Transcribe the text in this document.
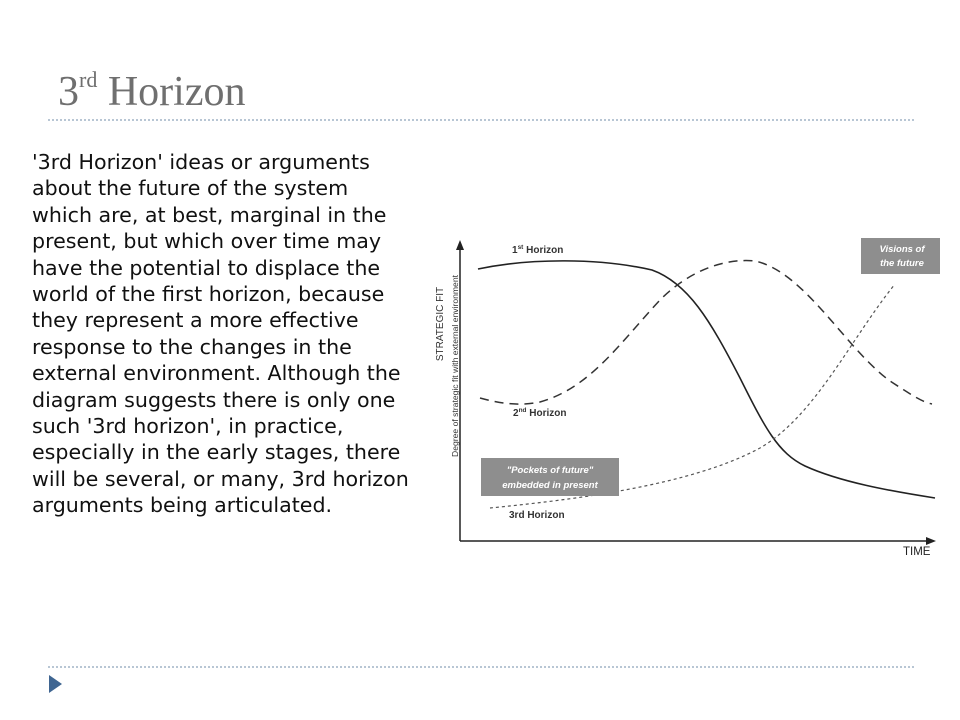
3rd Horizon
'3rd Horizon' ideas or arguments about the future of the system which are, at best, marginal in the present, but which over time may have the potential to displace the world of the first horizon, because they represent a more effective response to the changes in the external environment. Although the diagram suggests there is only one such '3rd horizon', in practice, especially in the early stages, there will be several, or many, 3rd horizon arguments being articulated.
STRATEGIC FIT Degree of strategic fit with external environment
TIME
1st Horizon
2nd Horizon
3rd Horizon
Visions of
the future
"Pockets of future"
embedded in present
